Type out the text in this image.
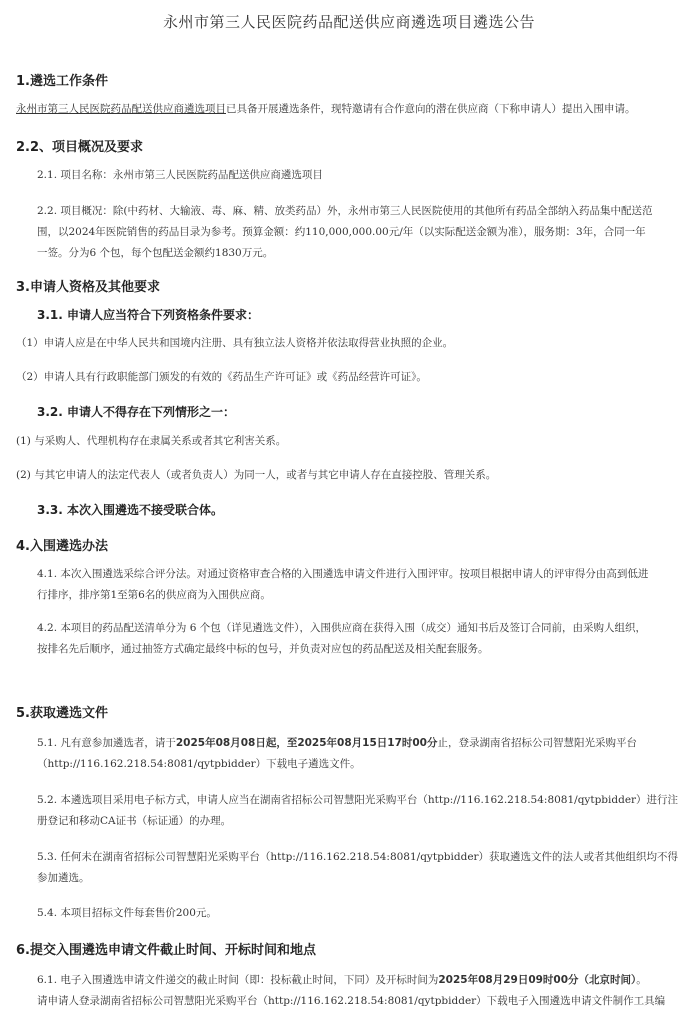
永州市第三人民医院药品配送供应商遴选项目遴选公告
1.遴选工作条件
永州市第三人民医院药品配送供应商遴选项目已具备开展遴选条件，现特邀请有合作意向的潜在供应商（下称申请人）提出入围申请。
2.2、项目概况及要求
2.1. 项目名称：永州市第三人民医院药品配送供应商遴选项目
2.2. 项目概况：除(中药材、大输液、毒、麻、精、放类药品）外，永州市第三人民医院使用的其他所有药品全部纳入药品集中配送范
围，以2024年医院销售的药品目录为参考。预算金额：约110,000,000.00元/年（以实际配送金额为准），服务期：3年，合同一年
一签。分为6 个包，每个包配送金额约1830万元。
3.申请人资格及其他要求
3.1. 申请人应当符合下列资格条件要求：
（1）申请人应是在中华人民共和国境内注册、具有独立法人资格并依法取得营业执照的企业。
（2）申请人具有行政职能部门颁发的有效的《药品生产许可证》或《药品经营许可证》。
3.2. 申请人不得存在下列情形之一：
(1) 与采购人、代理机构存在隶属关系或者其它利害关系。
(2) 与其它申请人的法定代表人（或者负责人）为同一人，或者与其它申请人存在直接控股、管理关系。
3.3. 本次入围遴选不接受联合体。
4.入围遴选办法
4.1. 本次入围遴选采综合评分法。对通过资格审查合格的入围遴选申请文件进行入围评审。按项目根据申请人的评审得分由高到低进
行排序，排序第1至第6名的供应商为入围供应商。
4.2. 本项目的药品配送清单分为 6 个包（详见遴选文件），入围供应商在获得入围（成交）通知书后及签订合同前，由采购人组织，
按排名先后顺序，通过抽签方式确定最终中标的包号，并负责对应包的药品配送及相关配套服务。
5.获取遴选文件
5.1. 凡有意参加遴选者，请于2025年08月08日起，至2025年08月15日17时00分止，登录湖南省招标公司智慧阳光采购平台
（http://116.162.218.54:8081/qytpbidder）下载电子遴选文件。
5.2. 本遴选项目采用电子标方式，申请人应当在湖南省招标公司智慧阳光采购平台（http://116.162.218.54:8081/qytpbidder）进行注
册登记和移动CA证书（标证通）的办理。
5.3. 任何未在湖南省招标公司智慧阳光采购平台（http://116.162.218.54:8081/qytpbidder）获取遴选文件的法人或者其他组织均不得
参加遴选。
5.4. 本项目招标文件每套售价200元。
6.提交入围遴选申请文件截止时间、开标时间和地点
6.1. 电子入围遴选申请文件递交的截止时间（即：投标截止时间，下同）及开标时间为2025年08月29日09时00分（北京时间）。
请申请人登录湖南省招标公司智慧阳光采购平台（http://116.162.218.54:8081/qytpbidder）下载电子入围遴选申请文件制作工具编
